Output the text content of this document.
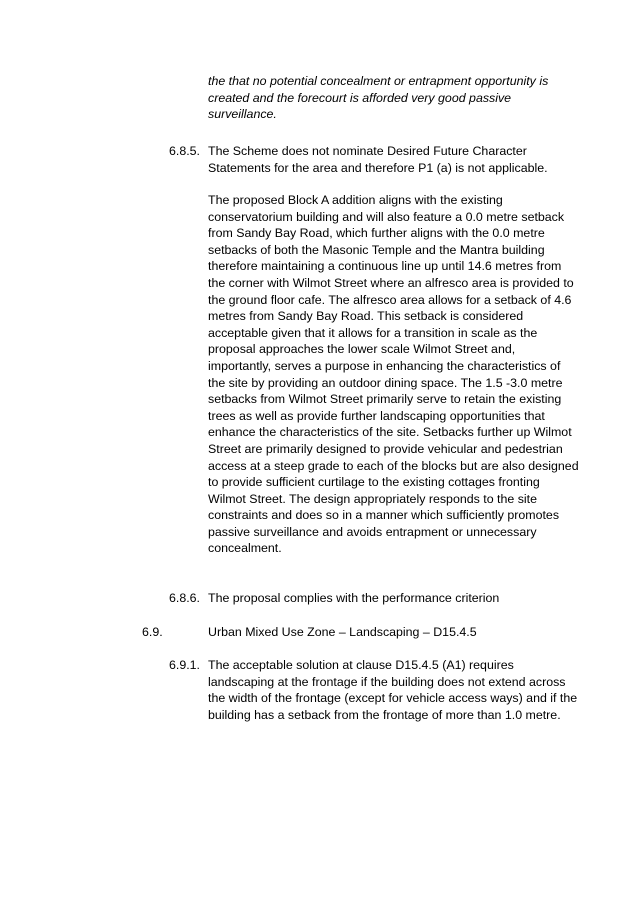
the that no potential concealment or entrapment opportunity is created and the forecourt is afforded very good passive surveillance.

6.8.5. The Scheme does not nominate Desired Future Character Statements for the area and therefore P1 (a) is not applicable.

The proposed Block A addition aligns with the existing conservatorium building and will also feature a 0.0 metre setback from Sandy Bay Road, which further aligns with the 0.0 metre setbacks of both the Masonic Temple and the Mantra building therefore maintaining a continuous line up until 14.6 metres from the corner with Wilmot Street where an alfresco area is provided to the ground floor cafe. The alfresco area allows for a setback of 4.6 metres from Sandy Bay Road. This setback is considered acceptable given that it allows for a transition in scale as the proposal approaches the lower scale Wilmot Street and, importantly, serves a purpose in enhancing the characteristics of the site by providing an outdoor dining space. The 1.5 -3.0 metre setbacks from Wilmot Street primarily serve to retain the existing trees as well as provide further landscaping opportunities that enhance the characteristics of the site. Setbacks further up Wilmot Street are primarily designed to provide vehicular and pedestrian access at a steep grade to each of the blocks but are also designed to provide sufficient curtilage to the existing cottages fronting Wilmot Street. The design appropriately responds to the site constraints and does so in a manner which sufficiently promotes passive surveillance and avoids entrapment or unnecessary concealment.

6.8.6. The proposal complies with the performance criterion

6.9.	Urban Mixed Use Zone – Landscaping – D15.4.5

6.9.1. The acceptable solution at clause D15.4.5 (A1) requires landscaping at the frontage if the building does not extend across the width of the frontage (except for vehicle access ways) and if the building has a setback from the frontage of more than 1.0 metre.
